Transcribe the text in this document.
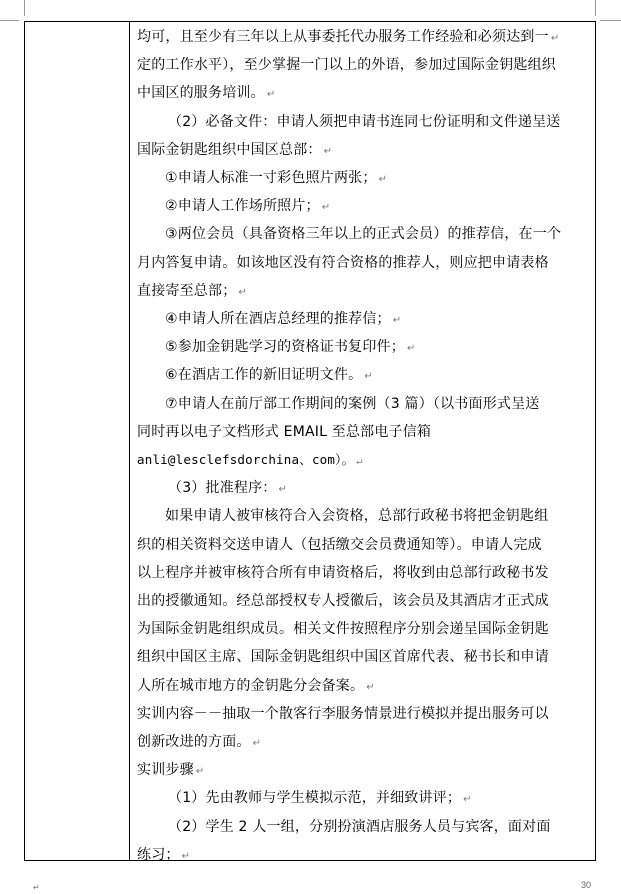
均可，且至少有三年以上从事委托代办服务工作经验和必须达到一 ↵
定的工作水平），至少掌握一门以上的外语，参加过国际金钥匙组织
中国区的服务培训。 ↵
（2）必备文件：申请人须把申请书连同七份证明和文件递呈送
国际金钥匙组织中国区总部： ↵
①申请人标准一寸彩色照片两张； ↵
②申请人工作场所照片； ↵
③两位会员（具备资格三年以上的正式会员）的推荐信，在一个
月内答复申请。如该地区没有符合资格的推荐人，则应把申请表格
直接寄至总部； ↵
④申请人所在酒店总经理的推荐信； ↵
⑤参加金钥匙学习的资格证书复印件； ↵
⑥在酒店工作的新旧证明文件。 ↵
⑦申请人在前厅部工作期间的案例（3 篇）（以书面形式呈送
同时再以电子文档形式 EMAIL 至总部电子信箱
anli@lesclefsdorchina、com）。 ↵
（3）批准程序： ↵
如果申请人被审核符合入会资格，总部行政秘书将把金钥匙组
织的相关资料交送申请人（包括缴交会员费通知等）。申请人完成
以上程序并被审核符合所有申请资格后，将收到由总部行政秘书发
出的授徽通知。经总部授权专人授徽后，该会员及其酒店才正式成
为国际金钥匙组织成员。相关文件按照程序分别会递呈国际金钥匙
组织中国区主席、国际金钥匙组织中国区首席代表、秘书长和申请
人所在城市地方的金钥匙分会备案。 ↵
实训内容－－抽取一个散客行李服务情景进行模拟并提出服务可以
创新改进的方面。 ↵
实训步骤 ↵
（1）先由教师与学生模拟示范，并细致讲评； ↵
（2）学生 2 人一组，分别扮演酒店服务人员与宾客，面对面
练习； ↵
30
↵
